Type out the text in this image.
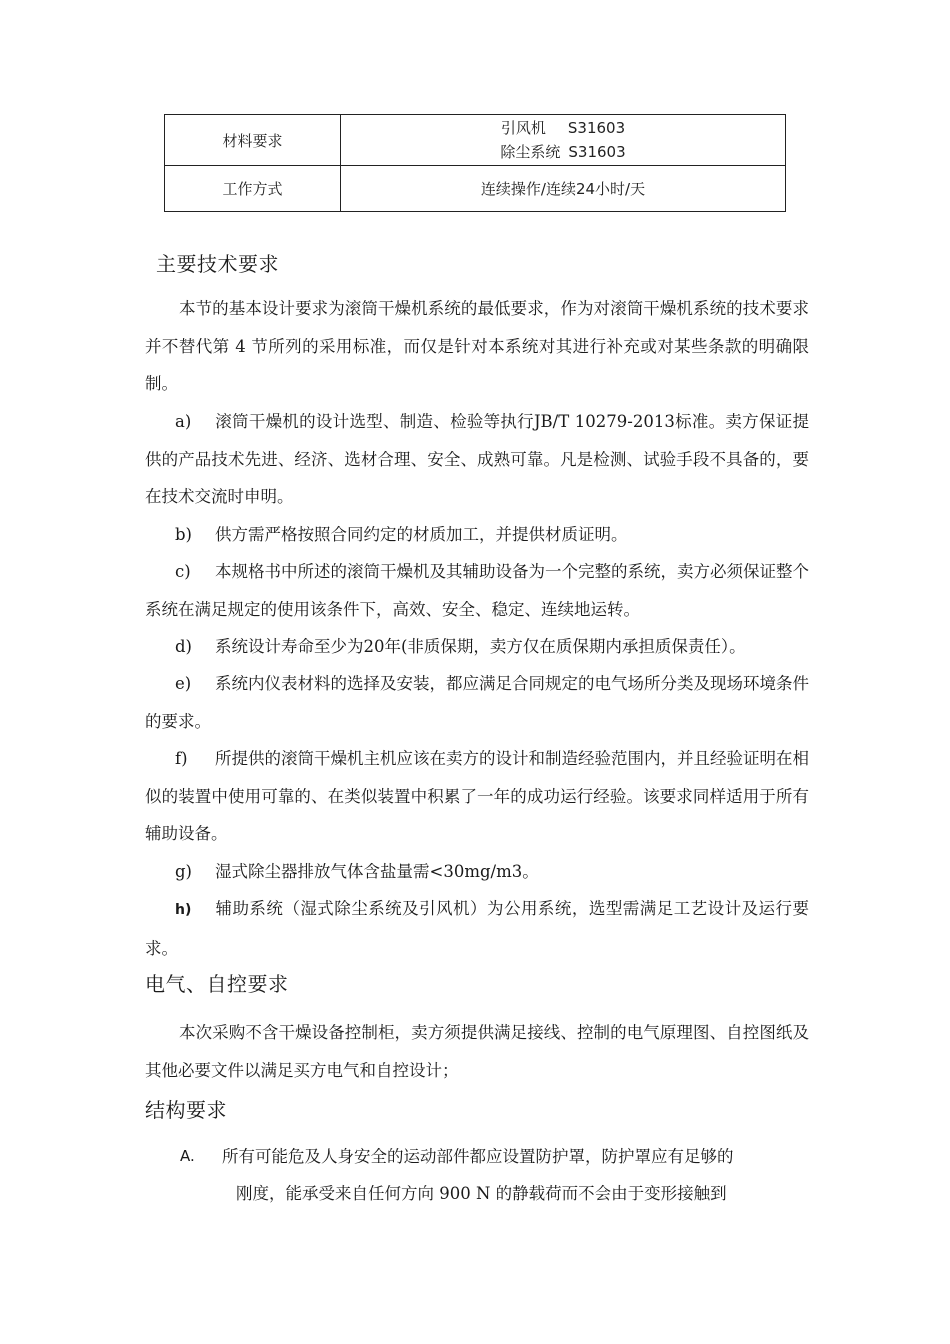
材料要求	引风机 S31603
除尘系统 S31603

工作方式	连续操作/连续24小时/天
主要技术要求

本节的基本设计要求为滚筒干燥机系统的最低要求，作为对滚筒干燥机系统的技术要求并不替代第 4 节所列的采用标准，而仅是针对本系统对其进行补充或对某些条款的明确限制。

a) 滚筒干燥机的设计选型、制造、检验等执行JB/T 10279-2013标准。卖方保证提供的产品技术先进、经济、选材合理、安全、成熟可靠。凡是检测、试验手段不具备的，要在技术交流时申明。

b) 供方需严格按照合同约定的材质加工，并提供材质证明。

c) 本规格书中所述的滚筒干燥机及其辅助设备为一个完整的系统，卖方必须保证整个系统在满足规定的使用该条件下，高效、安全、稳定、连续地运转。

d) 系统设计寿命至少为20年(非质保期，卖方仅在质保期内承担质保责任）。

e) 系统内仪表材料的选择及安装，都应满足合同规定的电气场所分类及现场环境条件的要求。

f) 所提供的滚筒干燥机主机应该在卖方的设计和制造经验范围内，并且经验证明在相似的装置中使用可靠的、在类似装置中积累了一年的成功运行经验。该要求同样适用于所有辅助设备。

g) 湿式除尘器排放气体含盐量需<30mg/m3。

h) 辅助系统（湿式除尘系统及引风机）为公用系统，选型需满足工艺设计及运行要求。

电气、自控要求

本次采购不含干燥设备控制柜，卖方须提供满足接线、控制的电气原理图、自控图纸及其他必要文件以满足买方电气和自控设计；

结构要求
A. 所有可能危及人身安全的运动部件都应设置防护罩，防护罩应有足够的
刚度，能承受来自任何方向 900 N 的静载荷而不会由于变形接触到
